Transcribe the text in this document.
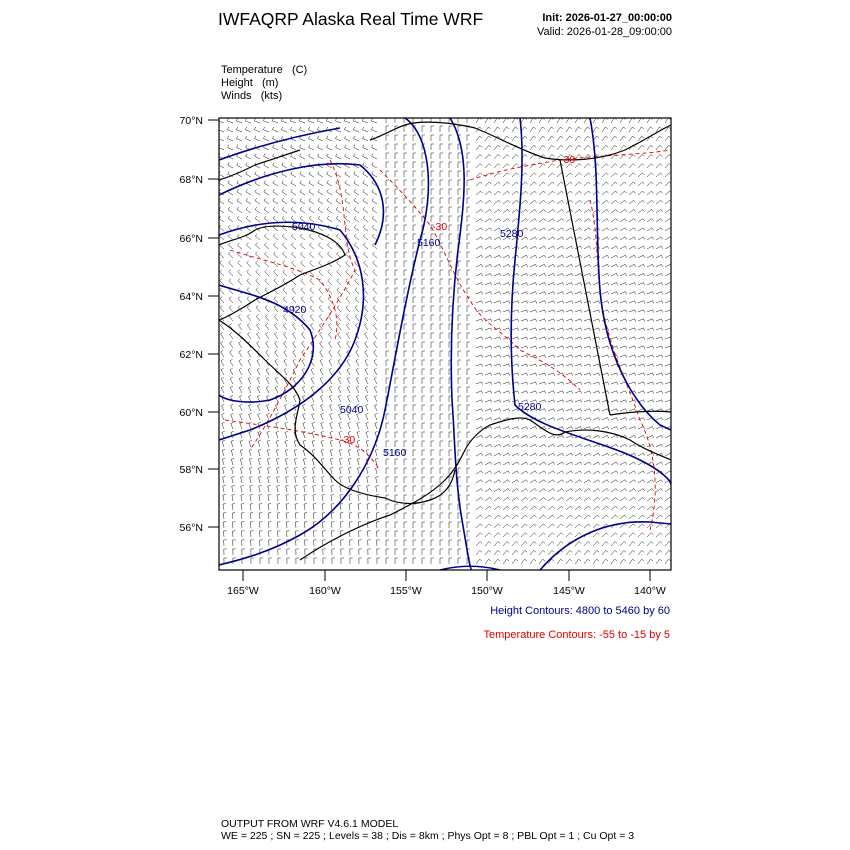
IWFAQRP Alaska Real Time WRF	Init: 2026-01-27_00:00:00
Valid: 2026-01-28_09:00:00
Temperature (C)
Height (m)
Winds (kts)
5040
5160
5280
4920
5040
5160
5280
-30
-30
-30
70°N
68°N
66°N
64°N
62°N
60°N
58°N
56°N
165°W	160°W	155°W	150°W	145°W	140°W
Height Contours: 4800 to 5460 by 60
Temperature Contours: -55 to -15 by 5
OUTPUT FROM WRF V4.6.1 MODEL
WE = 225 ; SN = 225 ; Levels = 38 ; Dis = 8km ; Phys Opt = 8 ; PBL Opt = 1 ; Cu Opt = 3
